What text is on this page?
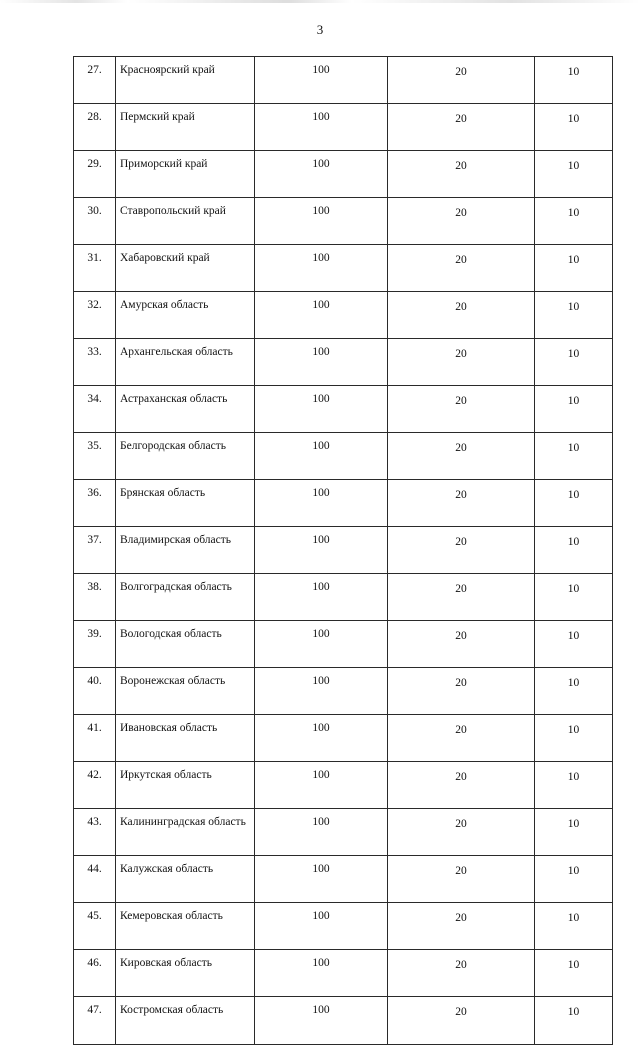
3
27.	Красноярский край	100	20	10
28.	Пермский край	100	20	10
29.	Приморский край	100	20	10
30.	Ставропольский край	100	20	10
31.	Хабаровский край	100	20	10
32.	Амурская область	100	20	10
33.	Архангельская область	100	20	10
34.	Астраханская область	100	20	10
35.	Белгородская область	100	20	10
36.	Брянская область	100	20	10
37.	Владимирская область	100	20	10
38.	Волгоградская область	100	20	10
39.	Вологодская область	100	20	10
40.	Воронежская область	100	20	10
41.	Ивановская область	100	20	10
42.	Иркутская область	100	20	10
43.	Калининградская область	100	20	10
44.	Калужская область	100	20	10
45.	Кемеровская область	100	20	10
46.	Кировская область	100	20	10
47.	Костромская область	100	20	10
